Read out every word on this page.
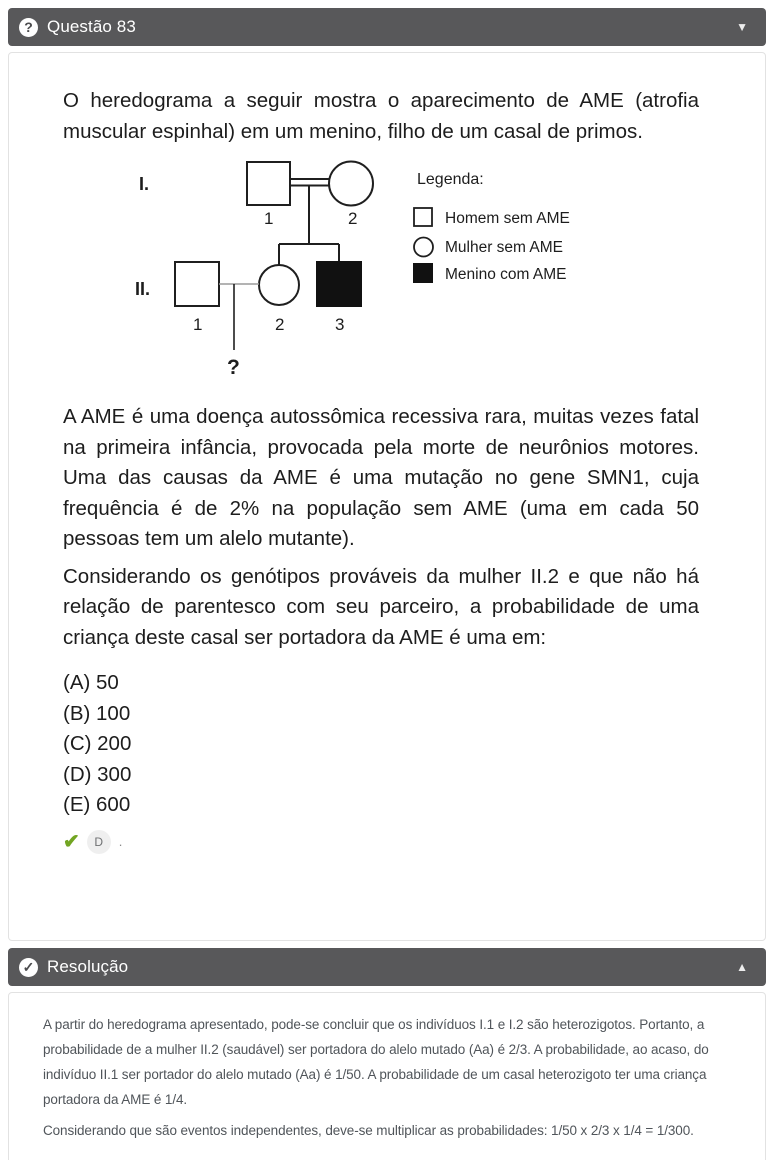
? Questão 83	▼

O heredograma a seguir mostra o aparecimento de AME (atrofia muscular espinhal) em um menino, filho de um casal de primos.

I.
II.
?
1	2
1	2	3
Legenda:
Homem sem AME
Mulher sem AME
Menino com AME

A AME é uma doença autossômica recessiva rara, muitas vezes fatal na primeira infância, provocada pela morte de neurônios motores. Uma das causas da AME é uma mutação no gene SMN1, cuja frequência é de 2% na população sem AME (uma em cada 50 pessoas tem um alelo mutante).

Considerando os genótipos prováveis da mulher II.2 e que não há relação de parentesco com seu parceiro, a probabilidade de uma criança deste casal ser portadora da AME é uma em:

(A) 50
(B) 100
(C) 200
(D) 300
(E) 600
✔	D	.
✓ Resolução	▲

A partir do heredograma apresentado, pode-se concluir que os indivíduos I.1 e I.2 são heterozigotos. Portanto, a probabilidade de a mulher II.2 (saudável) ser portadora do alelo mutado (Aa) é 2/3. A probabilidade, ao acaso, do indivíduo II.1 ser portador do alelo mutado (Aa) é 1/50. A probabilidade de um casal heterozigoto ter uma criança portadora da AME é 1/4.

Considerando que são eventos independentes, deve-se multiplicar as probabilidades: 1/50 x 2/3 x 1/4 = 1/300.
